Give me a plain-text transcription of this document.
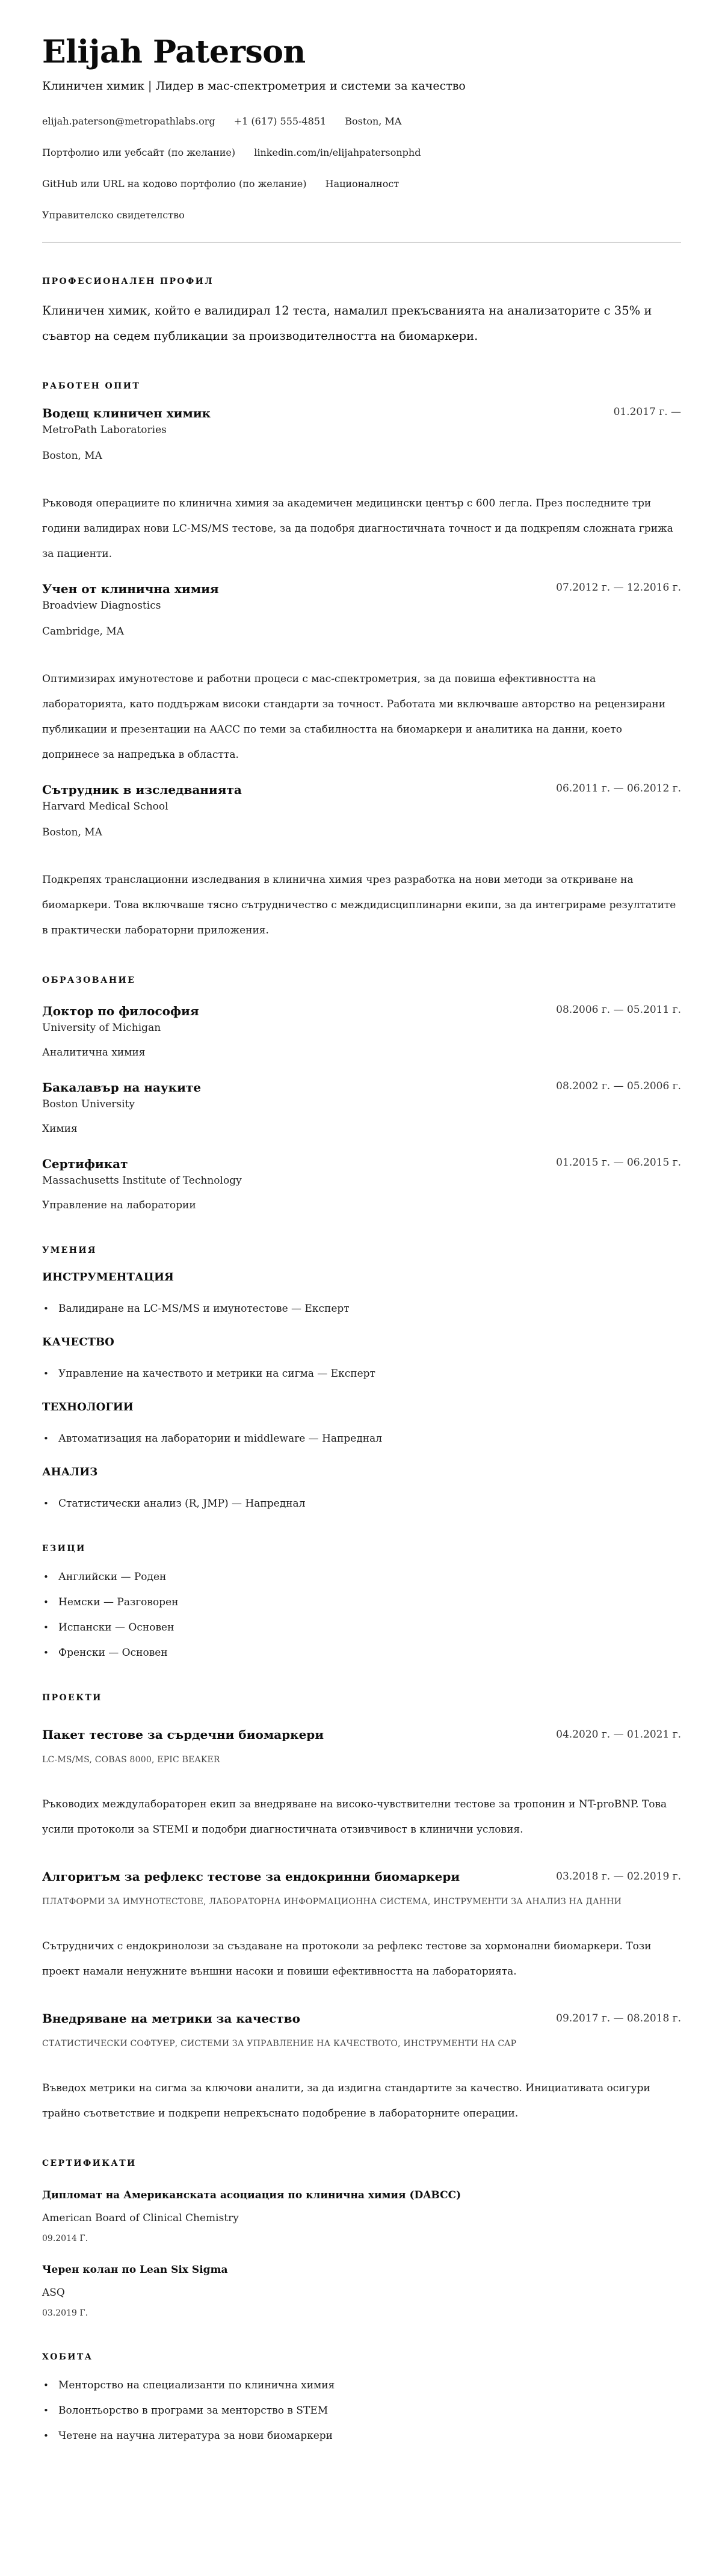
Elijah Paterson
Клиничен химик | Лидер в мас-спектрометрия и системи за качество
elijah.paterson@metropathlabs.org +1 (617) 555-4851 Boston, MA
Портфолио или уебсайт (по желание) linkedin.com/in/elijahpatersonphd
GitHub или URL на кодово портфолио (по желание) Националност
Управителско свидетелство
ПРОФЕСИОНАЛЕН ПРОФИЛ

Клиничен химик, който е валидирал 12 теста, намалил прекъсванията на анализаторите с 35% и съавтор на седем публикации за производителността на биомаркери.

РАБОТЕН ОПИТ
Водещ клиничен химик	01.2017 г. —
MetroPath Laboratories
Boston, MA
Ръководя операциите по клинична химия за академичен медицински център с 600 легла. През последните три години валидирах нови LC-MS/MS тестове, за да подобря диагностичната точност и да подкрепям сложната грижа за пациенти.
Учен от клинична химия	07.2012 г. — 12.2016 г.
Broadview Diagnostics
Cambridge, MA
Оптимизирах имунотестове и работни процеси с мас-спектрометрия, за да повиша ефективността на лабораторията, като поддържам високи стандарти за точност. Работата ми включваше авторство на рецензирани публикации и презентации на AACC по теми за стабилността на биомаркери и аналитика на данни, което допринесе за напредъка в областта.
Сътрудник в изследванията	06.2011 г. — 06.2012 г.
Harvard Medical School
Boston, MA
Подкрепях транслационни изследвания в клинична химия чрез разработка на нови методи за откриване на биомаркери. Това включваше тясно сътрудничество с междидисциплинарни екипи, за да интегрираме резултатите в практически лабораторни приложения.
ОБРАЗОВАНИЕ
Доктор по философия	08.2006 г. — 05.2011 г.
University of Michigan
Аналитична химия
Бакалавър на науките	08.2002 г. — 05.2006 г.
Boston University
Химия
Сертификат	01.2015 г. — 06.2015 г.
Massachusetts Institute of Technology
Управление на лаборатории
УМЕНИЯ
ИНСТРУМЕНТАЦИЯ
• Валидиране на LC-MS/MS и имунотестове — Експерт
КАЧЕСТВО
• Управление на качеството и метрики на сигма — Експерт
ТЕХНОЛОГИИ
• Автоматизация на лаборатории и middleware — Напреднал
АНАЛИЗ
• Статистически анализ (R, JMP) — Напреднал
ЕЗИЦИ
• Английски — Роден
• Немски — Разговорен
• Испански — Основен
• Френски — Основен
ПРОЕКТИ
Пакет тестове за сърдечни биомаркери	04.2020 г. — 01.2021 г.
LC-MS/MS, COBAS 8000, EPIC BEAKER
Ръководих междулабораторен екип за внедряване на високо-чувствителни тестове за тропонин и NT-proBNP. Това усили протоколи за STEMI и подобри диагностичната отзивчивост в клинични условия.
Алгоритъм за рефлекс тестове за ендокринни биомаркери	03.2018 г. — 02.2019 г.
ПЛАТФОРМИ ЗА ИМУНОТЕСТОВЕ, ЛАБОРАТОРНА ИНФОРМАЦИОННА СИСТЕМА, ИНСТРУМЕНТИ ЗА АНАЛИЗ НА ДАННИ
Сътрудничих с ендокринолози за създаване на протоколи за рефлекс тестове за хормонални биомаркери. Този проект намали ненужните външни насоки и повиши ефективността на лабораторията.
Внедряване на метрики за качество	09.2017 г. — 08.2018 г.
СТАТИСТИЧЕСКИ СОФТУЕР, СИСТЕМИ ЗА УПРАВЛЕНИЕ НА КАЧЕСТВОТО, ИНСТРУМЕНТИ НА CAP
Въведох метрики на сигма за ключови аналити, за да издигна стандартите за качество. Инициативата осигури трайно съответствие и подкрепи непрекъснато подобрение в лабораторните операции.
СЕРТИФИКАТИ
Дипломат на Американската асоциация по клинична химия (DABCC)
American Board of Clinical Chemistry
09.2014 Г.
Черен колан по Lean Six Sigma
ASQ
03.2019 Г.
ХОБИТА
• Менторство на специализанти по клинична химия
• Волонтьорство в програми за менторство в STEM
• Четене на научна литература за нови биомаркери
